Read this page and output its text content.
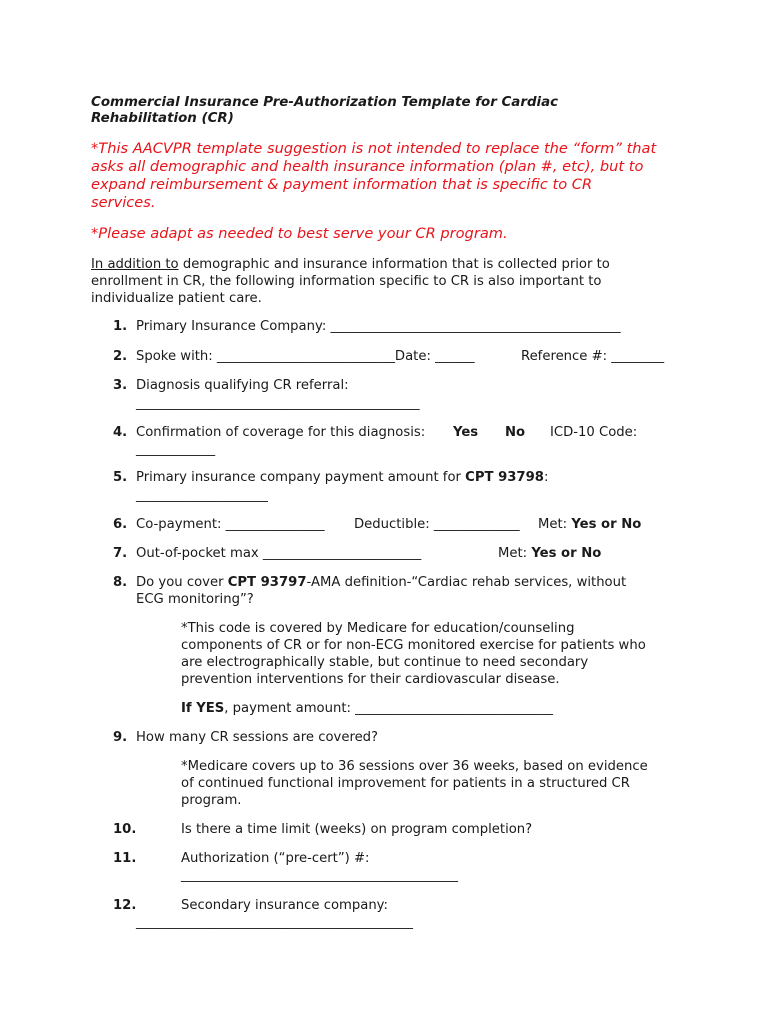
Commercial Insurance Pre-Authorization Template for Cardiac
Rehabilitation (CR)
*This AACVPR template suggestion is not intended to replace the “form” that
asks all demographic and health insurance information (plan #, etc), but to
expand reimbursement & payment information that is specific to CR
services.
*Please adapt as needed to best serve your CR program.
In addition to demographic and insurance information that is collected prior to
enrollment in CR, the following information specific to CR is also important to
individualize patient care.
1. Primary Insurance Company: ____________________________________________
2. Spoke with: ___________________________Date: ______	Reference #: ________
3. Diagnosis qualifying CR referral:
___________________________________________
4. Confirmation of coverage for this diagnosis: Yes No ICD-10 Code:
____________
5. Primary insurance company payment amount for CPT 93798:
____________________
6. Co-payment: _______________ Deductible: _____________ Met: Yes or No
7. Out-of-pocket max ________________________	Met: Yes or No
8. Do you cover CPT 93797-AMA definition-“Cardiac rehab services, without
ECG monitoring”?
*This code is covered by Medicare for education/counseling
components of CR or for non-ECG monitored exercise for patients who
are electrographically stable, but continue to need secondary
prevention interventions for their cardiovascular disease.
If YES, payment amount: ______________________________
9. How many CR sessions are covered?
*Medicare covers up to 36 sessions over 36 weeks, based on evidence
of continued functional improvement for patients in a structured CR
program.
10.	Is there a time limit (weeks) on program completion?
11.	Authorization (“pre-cert”) #:
__________________________________________
12.	Secondary insurance company:
__________________________________________
